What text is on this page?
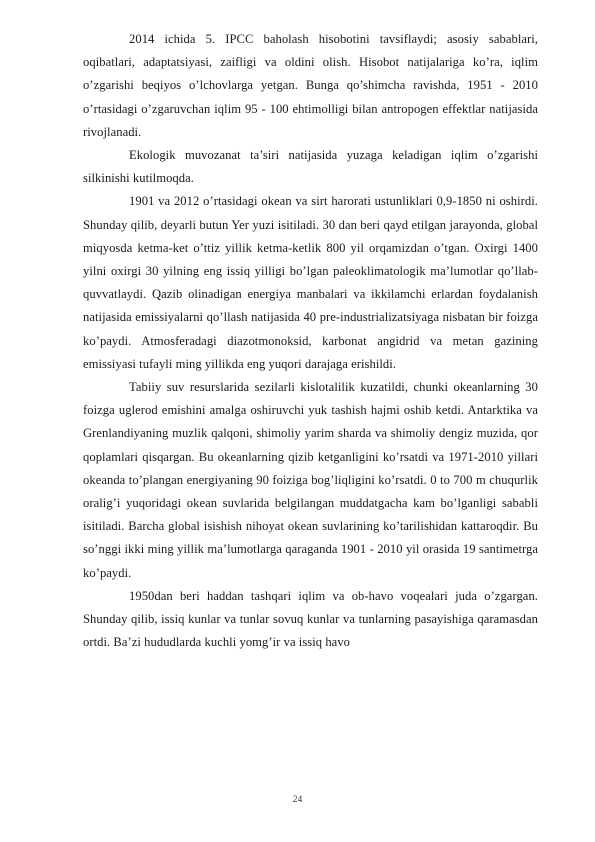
2014 ichida 5. IPCC baholash hisobotini tavsiflaydi; asosiy sabablari, oqibatlari, adaptatsiyasi, zaifligi va oldini olish. Hisobot natijalariga ko’ra, iqlim o’zgarishi beqiyos o’lchovlarga yetgan. Bunga qo’shimcha ravishda, 1951 - 2010 o’rtasidagi o’zgaruvchan iqlim 95 - 100 ehtimolligi bilan antropogen effektlar natijasida rivojlanadi.

Ekologik muvozanat ta’siri natijasida yuzaga keladigan iqlim o’zgarishi silkinishi kutilmoqda.

1901 va 2012 o’rtasidagi okean va sirt harorati ustunliklari 0,9-1850 ni oshirdi. Shunday qilib, deyarli butun Yer yuzi isitiladi. 30 dan beri qayd etilgan jarayonda, global miqyosda ketma-ket o’ttiz yillik ketma-ketlik 800 yil orqamizdan o’tgan. Oxirgi 1400 yilni oxirgi 30 yilning eng issiq yilligi bo’lgan paleoklimatologik ma’lumotlar qo’llab-quvvatlaydi. Qazib olinadigan energiya manbalari va ikkilamchi erlardan foydalanish natijasida emissiyalarni qo’llash natijasida 40 pre-industrializatsiyaga nisbatan bir foizga ko’paydi. Atmosferadagi diazotmonoksid, karbonat angidrid va metan gazining emissiyasi tufayli ming yillikda eng yuqori darajaga erishildi.

Tabiiy suv resurslarida sezilarli kislotalilik kuzatildi, chunki okeanlarning 30 foizga uglerod emishini amalga oshiruvchi yuk tashish hajmi oshib ketdi. Antarktika va Grenlandiyaning muzlik qalqoni, shimoliy yarim sharda va shimoliy dengiz muzida, qor qoplamlari qisqargan. Bu okeanlarning qizib ketganligini ko’rsatdi va 1971-2010 yillari okeanda to’plangan energiyaning 90 foiziga bog’liqligini ko’rsatdi. 0 to 700 m chuqurlik oralig’i yuqoridagi okean suvlarida belgilangan muddatgacha kam bo’lganligi sababli isitiladi. Barcha global isishish nihoyat okean suvlarining ko’tarilishidan kattaroqdir. Bu so’nggi ikki ming yillik ma’lumotlarga qaraganda 1901 - 2010 yil orasida 19 santimetrga ko’paydi.

1950dan beri haddan tashqari iqlim va ob-havo voqealari juda o’zgargan. Shunday qilib, issiq kunlar va tunlar sovuq kunlar va tunlarning pasayishiga qaramasdan ortdi. Ba’zi hududlarda kuchli yomg’ir va issiq havo

24
